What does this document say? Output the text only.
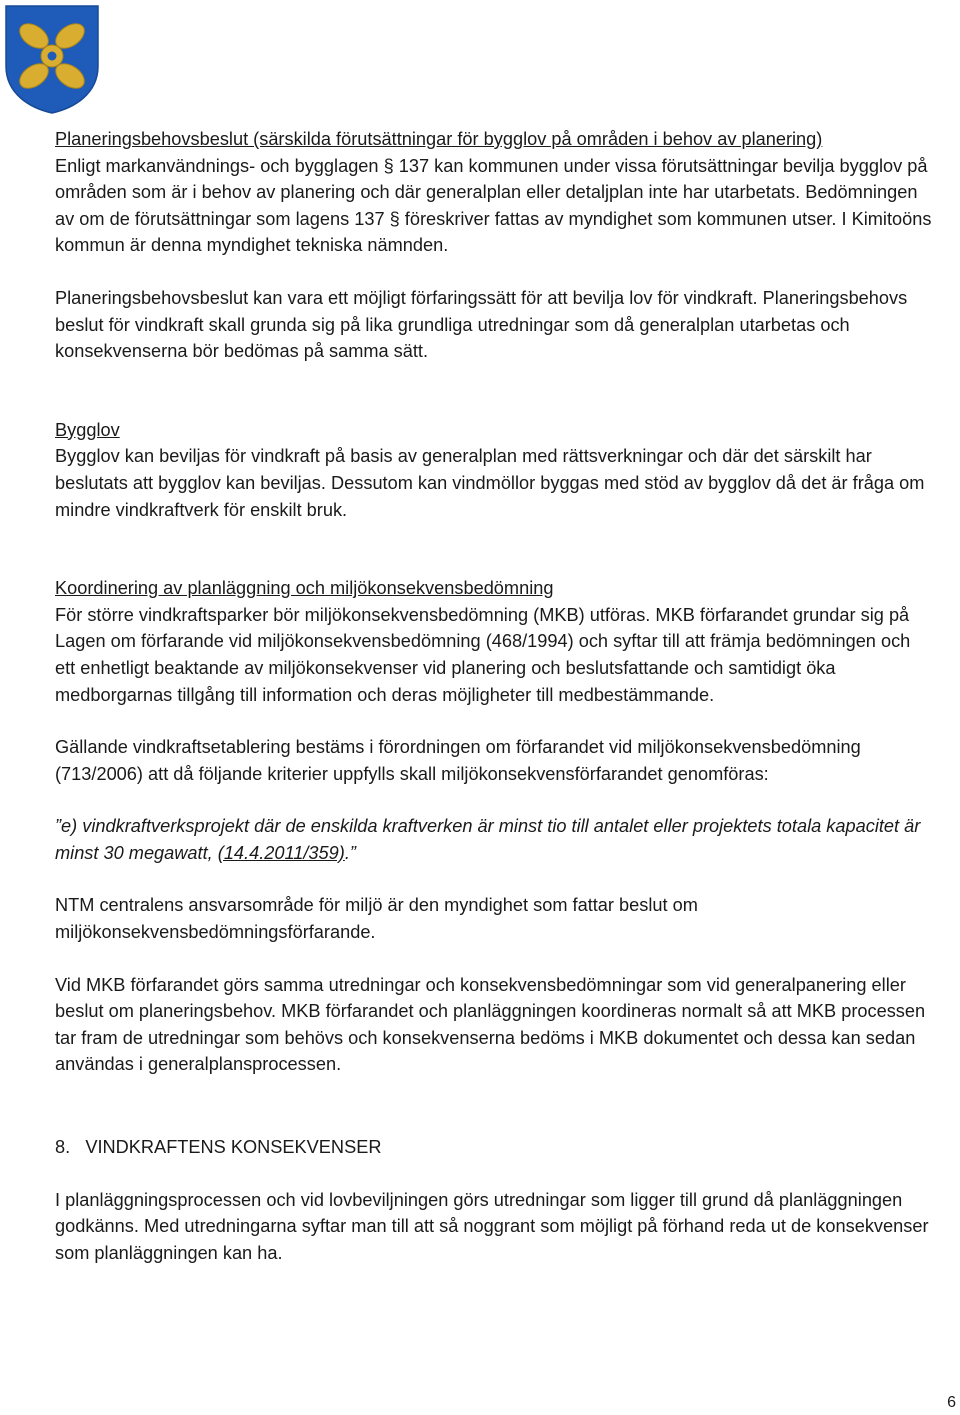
Planeringsbehovsbeslut (särskilda förutsättningar för bygglov på områden i behov av planering)

Enligt markanvändnings- och bygglagen § 137 kan kommunen under vissa förutsättningar bevilja bygglov på områden som är i behov av planering och där generalplan eller detaljplan inte har utarbetats. Bedömningen av om de förutsättningar som lagens 137 § föreskriver fattas av myndighet som kommunen utser. I Kimitoöns kommun är denna myndighet tekniska nämnden.

Planeringsbehovsbeslut kan vara ett möjligt förfaringssätt för att bevilja lov för vindkraft. Planeringsbehovs beslut för vindkraft skall grunda sig på lika grundliga utredningar som då generalplan utarbetas och konsekvenserna bör bedömas på samma sätt.

Bygglov

Bygglov kan beviljas för vindkraft på basis av generalplan med rättsverkningar och där det särskilt har beslutats att bygglov kan beviljas. Dessutom kan vindmöllor byggas med stöd av bygglov då det är fråga om mindre vindkraftverk för enskilt bruk.

Koordinering av planläggning och miljökonsekvensbedömning

För större vindkraftsparker bör miljökonsekvensbedömning (MKB) utföras. MKB förfarandet grundar sig på Lagen om förfarande vid miljökonsekvensbedömning (468/1994) och syftar till att främja bedömningen och ett enhetligt beaktande av miljökonsekvenser vid planering och beslutsfattande och samtidigt öka medborgarnas tillgång till information och deras möjligheter till medbestämmande.

Gällande vindkraftsetablering bestäms i förordningen om förfarandet vid miljökonsekvensbedömning (713/2006) att då följande kriterier uppfylls skall miljökonsekvensförfarandet genomföras:

”e) vindkraftverksprojekt där de enskilda kraftverken är minst tio till antalet eller projektets totala kapacitet är minst 30 megawatt, (14.4.2011/359).”

NTM centralens ansvarsområde för miljö är den myndighet som fattar beslut om miljökonsekvensbedömningsförfarande.

Vid MKB förfarandet görs samma utredningar och konsekvensbedömningar som vid generalpanering eller beslut om planeringsbehov. MKB förfarandet och planläggningen koordineras normalt så att MKB processen tar fram de utredningar som behövs och konsekvenserna bedöms i MKB dokumentet och dessa kan sedan användas i generalplansprocessen.

8. VINDKRAFTENS KONSEKVENSER

I planläggningsprocessen och vid lovbeviljningen görs utredningar som ligger till grund då planläggningen godkänns. Med utredningarna syftar man till att så noggrant som möjligt på förhand reda ut de konsekvenser som planläggningen kan ha.

6
